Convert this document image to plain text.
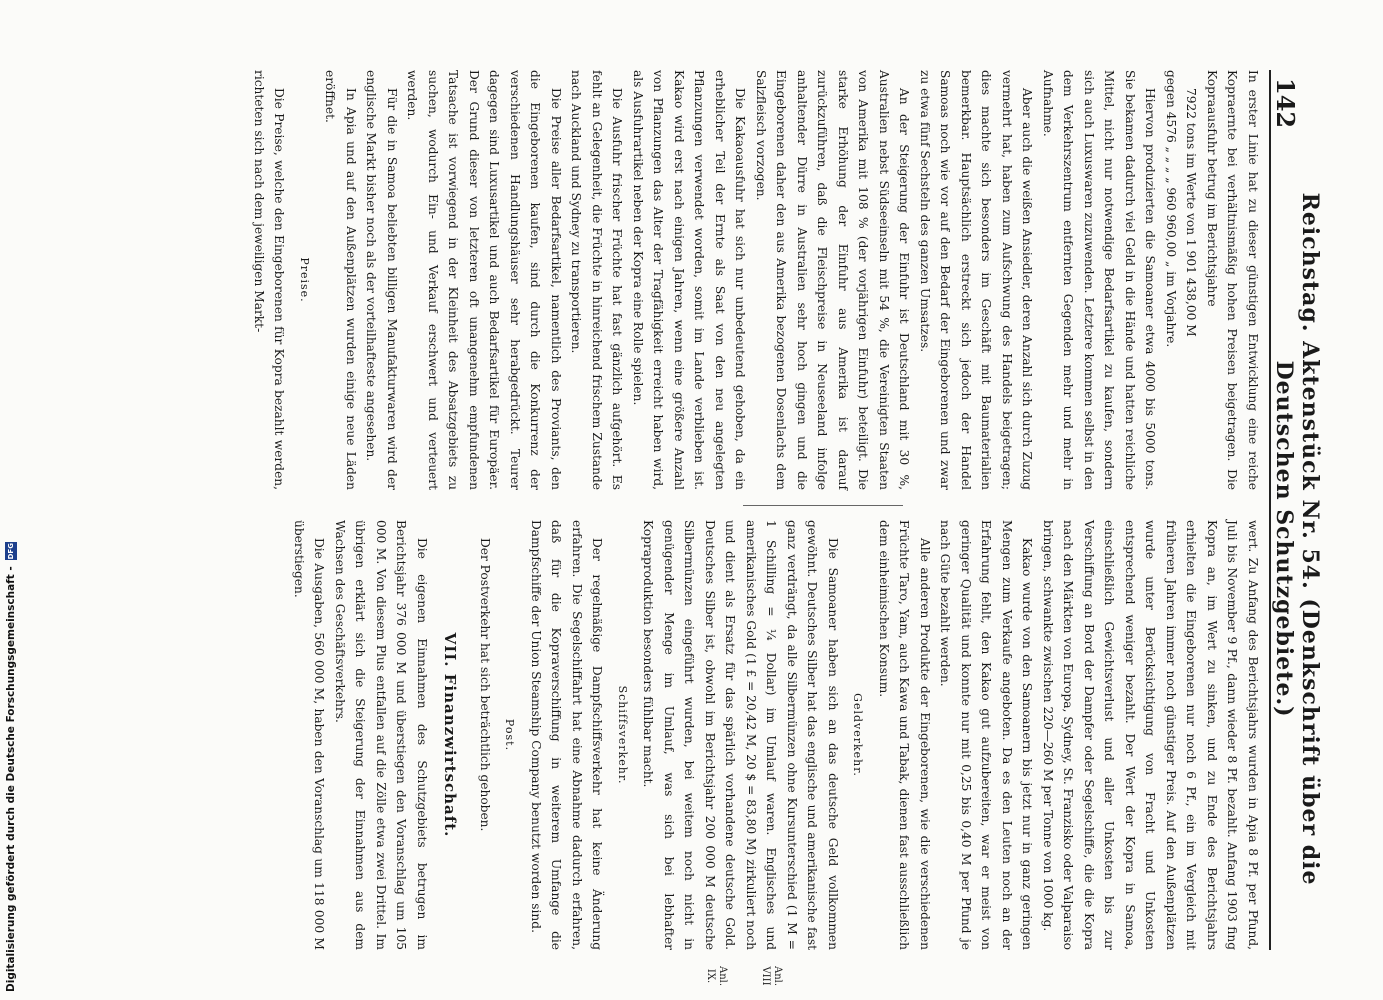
142
Reichstag. Aktenstück Nr. 54. (Denkschrift über die Deutschen Schutzgebiete.)

In erster Linie hat zu dieser günstigen Entwicklung eine reiche Kopraernte bei verhältnismäßig hohen Preisen beigetragen. Die Kopraausfuhr betrug im Berichtsjahre

7922 tons im Werte von 1 901 438,00 M

gegen 4576 „ „ „ „ 960 960,00 „ im Vorjahre.

Hiervon produzierten die Samoaner etwa 4000 bis 5000 tons. Sie bekamen dadurch viel Geld in die Hände und hatten reichliche Mittel, nicht nur notwendige Bedarfsartikel zu kaufen, sondern sich auch Luxuswaren zuzuwenden. Letztere kommen selbst in den dem Verkehrszentrum entfernten Gegenden mehr und mehr in Aufnahme.

Aber auch die weißen Ansiedler, deren Anzahl sich durch Zuzug vermehrt hat, haben zum Aufschwung des Handels beigetragen; dies machte sich besonders im Geschäft mit Baumaterialien bemerkbar. Hauptsächlich erstreckt sich jedoch der Handel Samoas noch wie vor auf den Bedarf der Eingeborenen und zwar zu etwa fünf Sechsteln des ganzen Umsatzes.

An der Steigerung der Einfuhr ist Deutschland mit 30 %, Australien nebst Südseeinseln mit 54 %, die Vereinigten Staaten von Amerika mit 108 % (der vorjährigen Einfuhr) beteiligt. Die starke Erhöhung der Einfuhr aus Amerika ist darauf zurückzuführen, daß die Fleischpreise in Neuseeland infolge anhaltender Dürre in Australien sehr hoch gingen und die Eingeborenen daher den aus Amerika bezogenen Dosenlachs dem Salzfleisch vorzogen.

Die Kakaoausfuhr hat sich nur unbedeutend gehoben, da ein erheblicher Teil der Ernte als Saat von den neu angelegten Pflanzungen verwendet worden, somit im Lande verblieben ist. Kakao wird erst nach einigen Jahren, wenn eine größere Anzahl von Pflanzungen das Alter der Tragfähigkeit erreicht haben wird, als Ausfuhrartikel neben der Kopra eine Rolle spielen.

Die Ausfuhr frischer Früchte hat fast gänzlich aufgehört. Es fehlt an Gelegenheit, die Früchte in hinreichend frischem Zustande nach Auckland und Sydney zu transportieren.

Die Preise aller Bedarfsartikel, namentlich des Proviants, den die Eingeborenen kaufen, sind durch die Konkurrenz der verschiedenen Handlungshäuser sehr herabgedrückt. Teurer dagegen sind Luxusartikel und auch Bedarfsartikel für Europäer. Der Grund dieser von letzteren oft unangenehm empfundenen Tatsache ist vorwiegend in der Kleinheit des Absatzgebiets zu suchen, wodurch Ein- und Verkauf erschwert und verteuert werden.

Für die in Samoa beliebten billigen Manufakturwaren wird der englische Markt bisher noch als der vorteilhafteste angesehen.

In Apia und auf den Außenplätzen wurden einige neue Läden eröffnet.

Preise.

Die Preise, welche den Eingeborenen für Kopra bezahlt werden, richteten sich nach dem jeweiligen Markt-

wert. Zu Anfang des Berichtsjahrs wurden in Apia 8 Pf. per Pfund, Juli bis November 9 Pf., dann wieder 8 Pf. bezahlt. Anfang 1903 fing Kopra an, im Wert zu sinken, und zu Ende des Berichtsjahrs erhielten die Eingeborenen nur noch 6 Pf., ein im Vergleich mit früheren Jahren immer noch günstiger Preis. Auf den Außenplätzen wurde unter Berücksichtigung von Fracht und Unkosten entsprechend weniger bezahlt. Der Wert der Kopra in Samoa, einschließlich Gewichtsverlust und aller Unkosten bis zur Verschiffung an Bord der Dampfer oder Segelschiffe, die die Kopra nach den Märkten von Europa, Sydney, St. Franzisko oder Valparaiso bringen, schwankte zwischen 220—260 M per Tonne von 1000 kg.

Kakao wurde von den Samoanern bis jetzt nur in ganz geringen Mengen zum Verkaufe angeboten. Da es den Leuten noch an der Erfahrung fehlt, den Kakao gut aufzubereiten, war er meist von geringer Qualität und konnte nur mit 0,25 bis 0,40 M per Pfund je nach Güte bezahlt werden.

Alle anderen Produkte der Eingeborenen, wie die verschiedenen Früchte Taro, Yam, auch Kawa und Tabak, dienen fast ausschließlich dem einheimischen Konsum.

Geldverkehr.

Die Samoaner haben sich an das deutsche Geld vollkommen gewöhnt. Deutsches Silber hat das englische und amerikanische fast ganz verdrängt, da alle Silbermünzen ohne Kursunterschied (1 M = 1 Schilling = ¼ Dollar) im Umlauf waren. Englisches und amerikanisches Gold (1 £ = 20,42 M, 20 $ = 83,80 M) zirkuliert noch und dient als Ersatz für das spärlich vorhandene deutsche Gold. Deutsches Silber ist, obwohl im Berichtsjahr 200 000 M deutsche Silbermünzen eingeführt wurden, bei weitem noch nicht in genügender Menge im Umlauf, was sich bei lebhafter Kopraproduktion besonders fühlbar macht.

Schiffsverkehr.

Der regelmäßige Dampfschiffsverkehr hat keine Änderung erfahren. Die Segelschiffahrt hat eine Abnahme dadurch erfahren, daß für die Kopraverschiffung in weiterem Umfange die Dampfschiffe der Union Steamship Company benutzt worden sind.

Post.

Der Postverkehr hat sich beträchtlich gehoben.

VII. Finanzwirtschaft.

Die eigenen Einnahmen des Schutzgebiets betrugen im Berichtsjahr 376 000 M und überstiegen den Voranschlag um 105 000 M. Von diesem Plus entfallen auf die Zölle etwa zwei Drittel. Im übrigen erklärt sich die Steigerung der Einnahmen aus dem Wachsen des Geschäftsverkehrs.

Die Ausgaben, 560 000 M, haben den Voranschlag um 118 000 M überstiegen.

Anl. VIII
Anl. IX.
Digitalisierung gefördert durch die Deutsche Forschungsgemeinschaft -
DFG
